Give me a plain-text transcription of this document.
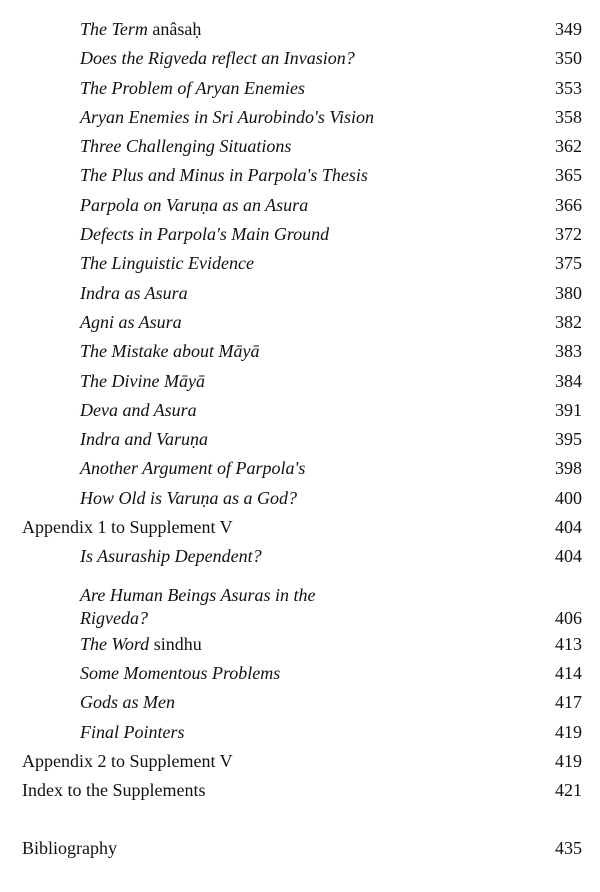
The Term anâsaḥ	349
Does the Rigveda reflect an Invasion?	350
The Problem of Aryan Enemies	353
Aryan Enemies in Sri Aurobindo's Vision	358
Three Challenging Situations	362
The Plus and Minus in Parpola's Thesis	365
Parpola on Varuṇa as an Asura	366
Defects in Parpola's Main Ground	372
The Linguistic Evidence	375
Indra as Asura	380
Agni as Asura	382
The Mistake about Māyā	383
The Divine Māyā	384
Deva and Asura	391
Indra and Varuṇa	395
Another Argument of Parpola's	398
How Old is Varuṇa as a God?	400
Appendix 1 to Supplement V	404
Is Asuraship Dependent?	404
Are Human Beings Asuras in the
Rigveda?	406
The Word sindhu	413
Some Momentous Problems	414
Gods as Men	417
Final Pointers	419
Appendix 2 to Supplement V	419
Index to the Supplements	421
Bibliography	435
